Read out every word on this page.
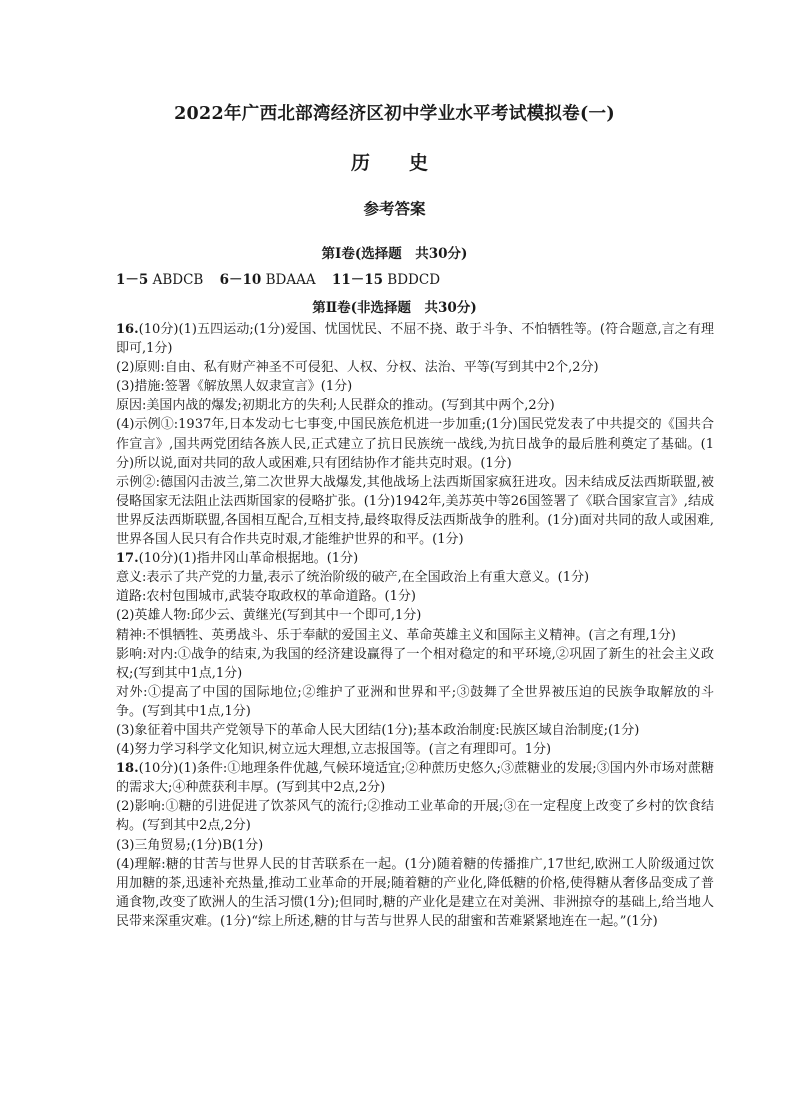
2022年广西北部湾经济区初中学业水平考试模拟卷(一)
历　史
参考答案
第Ⅰ卷(选择题　共30分)
1－5 ABDCB 6－10 BDAAA 11－15 BDDCD
第Ⅱ卷(非选择题　共30分)

16.(10分)(1)五四运动;(1分)爱国、忧国忧民、不屈不挠、敢于斗争、不怕牺牲等。(符合题意,言之有理即可,1分)

(2)原则:自由、私有财产神圣不可侵犯、人权、分权、法治、平等(写到其中2个,2分)

(3)措施:签署《解放黑人奴隶宣言》(1分)

原因:美国内战的爆发;初期北方的失利;人民群众的推动。(写到其中两个,2分)

(4)示例①:1937年,日本发动七七事变,中国民族危机进一步加重;(1分)国民党发表了中共提交的《国共合作宣言》,国共两党团结各族人民,正式建立了抗日民族统一战线,为抗日战争的最后胜利奠定了基础。(1分)所以说,面对共同的敌人或困难,只有团结协作才能共克时艰。(1分)

示例②:德国闪击波兰,第二次世界大战爆发,其他战场上法西斯国家疯狂进攻。因未结成反法西斯联盟,被侵略国家无法阻止法西斯国家的侵略扩张。(1分)1942年,美苏英中等26国签署了《联合国家宣言》,结成世界反法西斯联盟,各国相互配合,互相支持,最终取得反法西斯战争的胜利。(1分)面对共同的敌人或困难,世界各国人民只有合作共克时艰,才能维护世界的和平。(1分)

17.(10分)(1)指井冈山革命根据地。(1分)

意义:表示了共产党的力量,表示了统治阶级的破产,在全国政治上有重大意义。(1分)

道路:农村包围城市,武装夺取政权的革命道路。(1分)

(2)英雄人物:邱少云、黄继光(写到其中一个即可,1分)

精神:不惧牺牲、英勇战斗、乐于奉献的爱国主义、革命英雄主义和国际主义精神。(言之有理,1分)

影响:对内:①战争的结束,为我国的经济建设赢得了一个相对稳定的和平环境,②巩固了新生的社会主义政权;(写到其中1点,1分)

对外:①提高了中国的国际地位;②维护了亚洲和世界和平;③鼓舞了全世界被压迫的民族争取解放的斗争。(写到其中1点,1分)

(3)象征着中国共产党领导下的革命人民大团结(1分);基本政治制度:民族区域自治制度;(1分)

(4)努力学习科学文化知识,树立远大理想,立志报国等。(言之有理即可。1分)

18.(10分)(1)条件:①地理条件优越,气候环境适宜;②种蔗历史悠久;③蔗糖业的发展;③国内外市场对蔗糖的需求大;④种蔗获利丰厚。(写到其中2点,2分)

(2)影响:①糖的引进促进了饮茶风气的流行;②推动工业革命的开展;③在一定程度上改变了乡村的饮食结构。(写到其中2点,2分)

(3)三角贸易;(1分)B(1分)

(4)理解:糖的甘苦与世界人民的甘苦联系在一起。(1分)随着糖的传播推广,17世纪,欧洲工人阶级通过饮用加糖的茶,迅速补充热量,推动工业革命的开展;随着糖的产业化,降低糖的价格,使得糖从奢侈品变成了普通食物,改变了欧洲人的生活习惯(1分);但同时,糖的产业化是建立在对美洲、非洲掠夺的基础上,给当地人民带来深重灾难。(1分)“综上所述,糖的甘与苦与世界人民的甜蜜和苦难紧紧地连在一起。”(1分)
